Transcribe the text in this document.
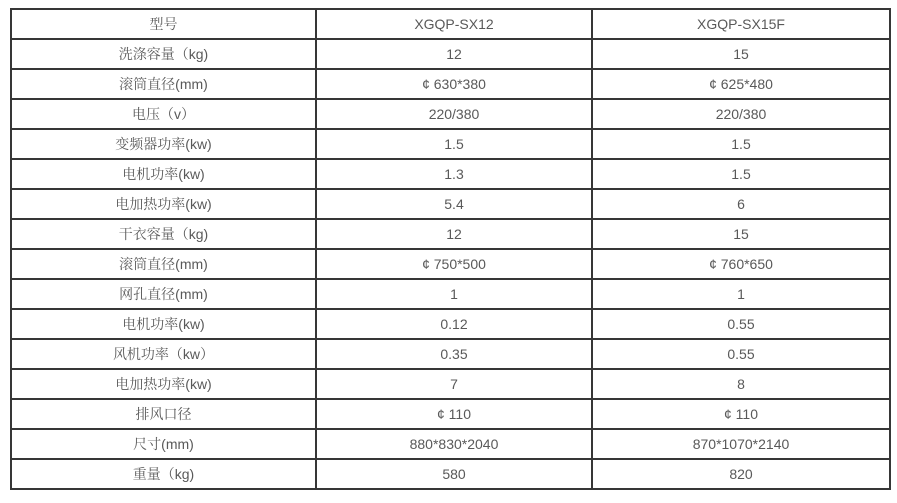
型号	XGQP-SX12	XGQP-SX15F
洗涤容量（kg)	12	15
滚筒直径(mm)	¢ 630*380	¢ 625*480
电压（v）	220/380	220/380
变频器功率(kw)	1.5	1.5
电机功率(kw)	1.3	1.5
电加热功率(kw)	5.4	6
干衣容量（kg)	12	15
滚筒直径(mm)	¢ 750*500	¢ 760*650
网孔直径(mm)	1	1
电机功率(kw)	0.12	0.55
风机功率（kw）	0.35	0.55
电加热功率(kw)	7	8
排风口径	¢ 110	¢ 110
尺寸(mm)	880*830*2040	870*1070*2140
重量（kg)	580	820
